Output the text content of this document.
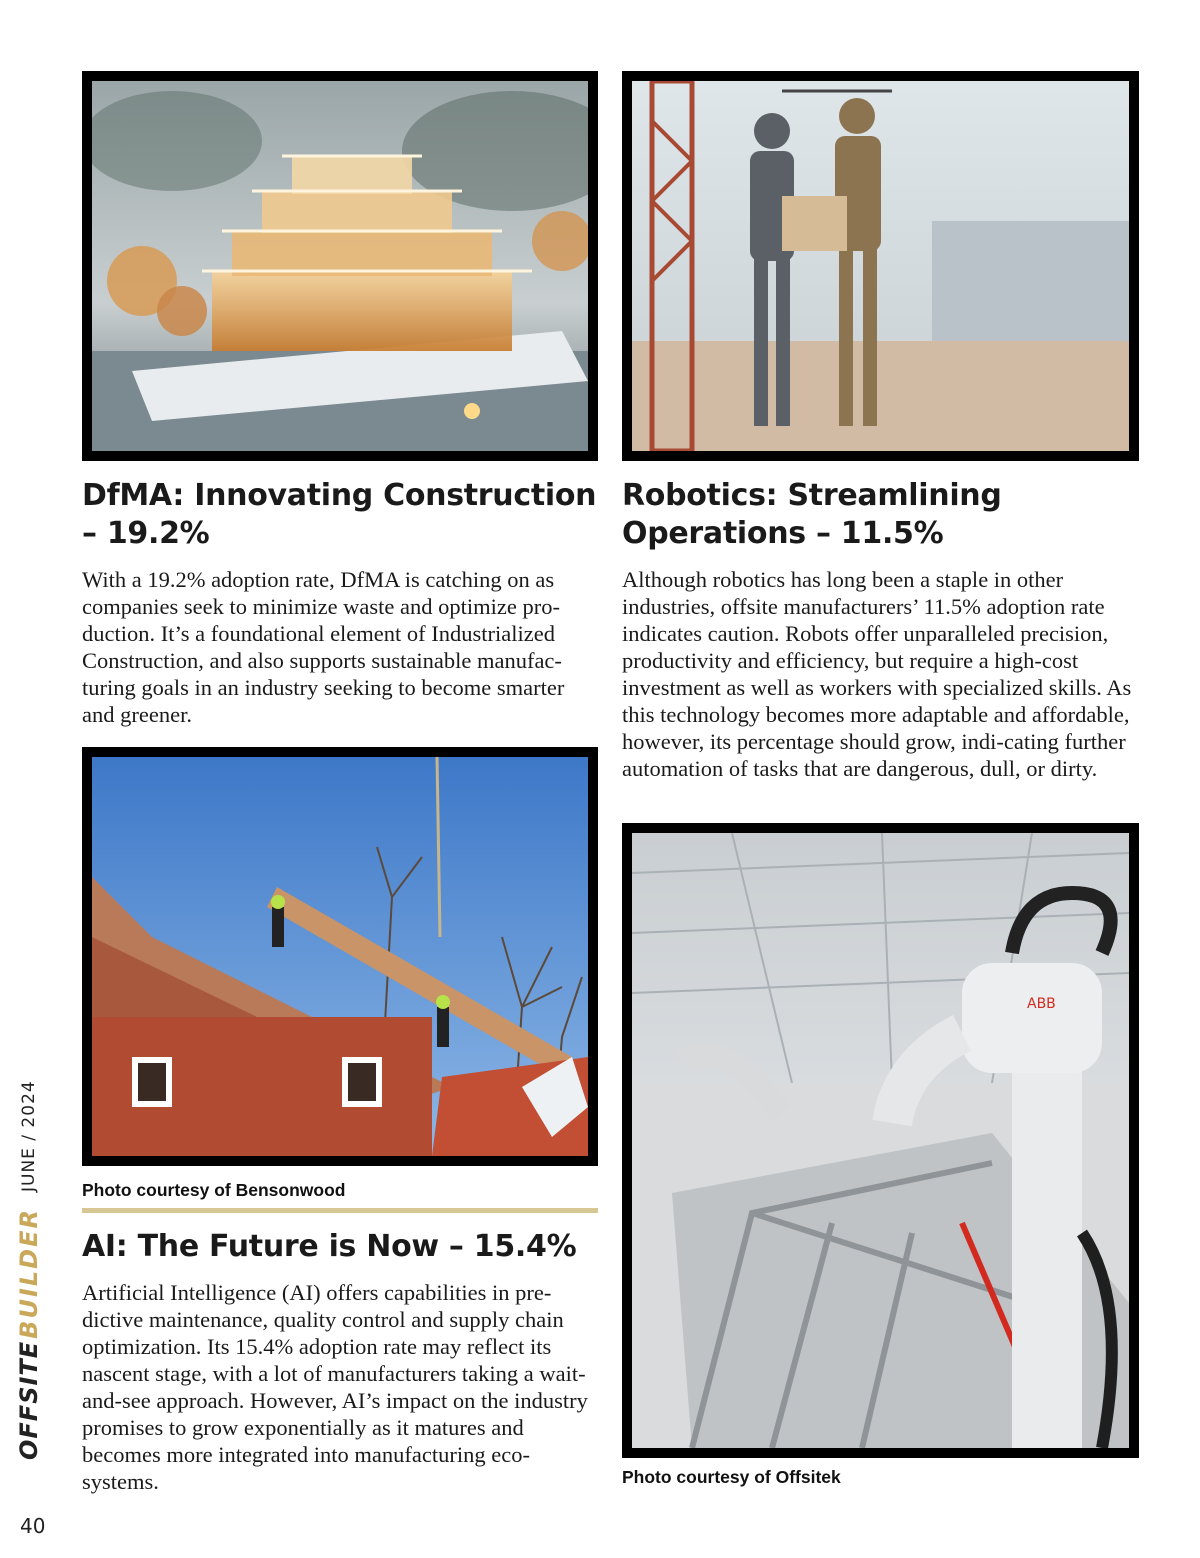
DfMA: Innovating Construction
– 19.2%

With a 19.2% adoption rate, DfMA is catching on as companies seek to minimize waste and optimize pro-duction. It’s a foundational element of Industrialized Construction, and also supports sustainable manufac-turing goals in an industry seeking to become smarter and greener.

Robotics: Streamlining
Operations – 11.5%

Although robotics has long been a staple in other industries, offsite manufacturers’ 11.5% adoption rate indicates caution. Robots offer unparalleled precision, productivity and efficiency, but require a high-cost investment as well as workers with specialized skills. As this technology becomes more adaptable and affordable, however, its percentage should grow, indi-cating further automation of tasks that are dangerous, dull, or dirty.

Photo courtesy of Bensonwood

AI: The Future is Now – 15.4%

Artificial Intelligence (AI) offers capabilities in pre-dictive maintenance, quality control and supply chain optimization. Its 15.4% adoption rate may reflect its nascent stage, with a lot of manufacturers taking a wait-and-see approach. However, AI’s impact on the industry promises to grow exponentially as it matures and becomes more integrated into manufacturing eco-systems.

ABB

Photo courtesy of Offsitek

OFFSITE
BUILDER
JUNE / 2024

40
